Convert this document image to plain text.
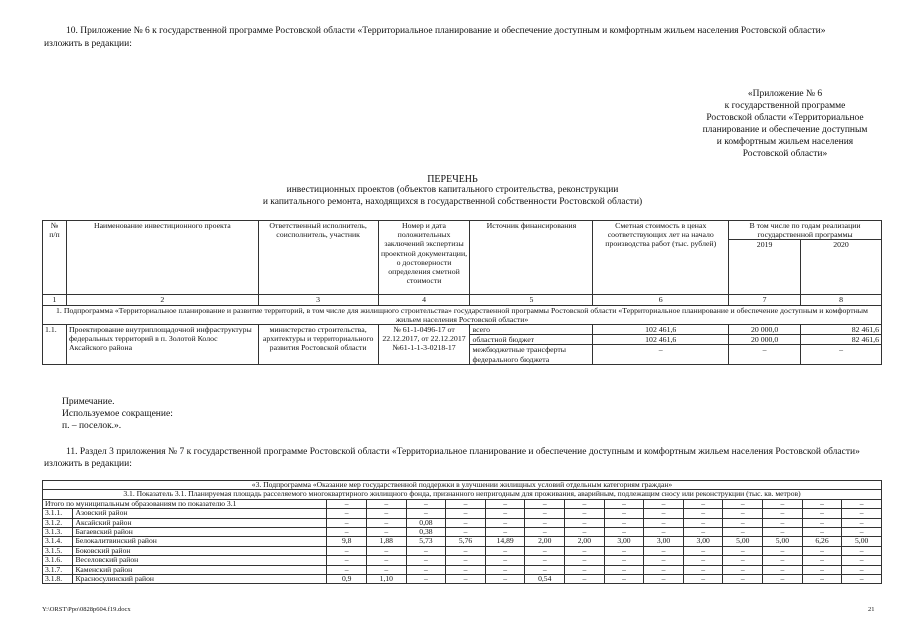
10. Приложение № 6 к государственной программе Ростовской области «Территориальное планирование и обеспечение доступным и комфортным жильем населения Ростовской области» изложить в редакции:
«Приложение № 6
к государственной программе
Ростовской области «Территориальное
планирование и обеспечение доступным
и комфортным жильем населения
Ростовской области»
ПЕРЕЧЕНЬ
инвестиционных проектов (объектов капитального строительства, реконструкции
и капитального ремонта, находящихся в государственной собственности Ростовской области)
№
п/п	Наименование инвестиционного проекта	Ответственный исполнитель, соисполнитель, участник	Номер и дата положительных заключений экспертизы проектной документации, о достоверности определения сметной стоимости	Источник финансирования	Сметная стоимость в ценах соответствующих лет на начало производства работ (тыс. рублей)	В том числе по годам реализации государственной программы	
						2019	2020
1	2	3	4	5	6	7	8
1. Подпрограмма «Территориальное планирование и развитие территорий, в том числе для жилищного строительства» государственной программы Ростовской области «Территориальное планирование и обеспечение доступным и комфортным жильем населения Ростовской области»							
1.1.	Проектирование внутриплощадочной инфраструктуры федеральных территорий в п. Золотой Колос Аксайского района	министерство строительства, архитектуры и территориального развития Ростовской области	№ 61-1-0496-17 от 22.12.2017, от 22.12.2017 №61-1-1-3-0218-17	всего	102 461,6	20 000,0	82 461,6
				областной бюджет	102 461,6	20 000,0	82 461,6
				межбюджетные трансферты федерального бюджета	–	–	–
Примечание.
Используемое сокращение:
п. – поселок.».
11. Раздел 3 приложения № 7 к государственной программе Ростовской области «Территориальное планирование и обеспечение доступным и комфортным жильем населения Ростовской области» изложить в редакции:
«3. Подпрограмма «Оказание мер государственной поддержки в улучшении жилищных условий отдельным категориям граждан»															
3.1. Показатель 3.1. Планируемая площадь расселяемого многоквартирного жилищного фонда, признанного непригодным для проживания, аварийным, подлежащим сносу или реконструкции (тыс. кв. метров)															
Итого по муниципальным образованиям по показателю 3.1		–	–	–	–	–	–	–	–	–	–	–	–	–	–
3.1.1.	Азовский район	–	–	–	–	–	–	–	–	–	–	–	–	–	–
3.1.2.	Аксайский район	–	–	0,08	–	–	–	–	–	–	–	–	–	–	–
3.1.3.	Багаевский район	–	–	0,38	–	–	–	–	–	–	–	–	–	–	–
3.1.4.	Белокалитвинский район	9,8	1,88	5,73	5,76	14,89	2,00	2,00	3,00	3,00	3,00	5,00	5,00	6,26	5,00
3.1.5.	Боковский район	–	–	–	–	–	–	–	–	–	–	–	–	–	–
3.1.6.	Веселовский район	–	–	–	–	–	–	–	–	–	–	–	–	–	–
3.1.7.	Каменский район	–	–	–	–	–	–	–	–	–	–	–	–	–	–
3.1.8.	Красносулинский район	0,9	1,10	–	–	–	0,54	–	–	–	–	–	–	–	–
Y:\ORST\Ppo\0828p604.f19.docx	21
